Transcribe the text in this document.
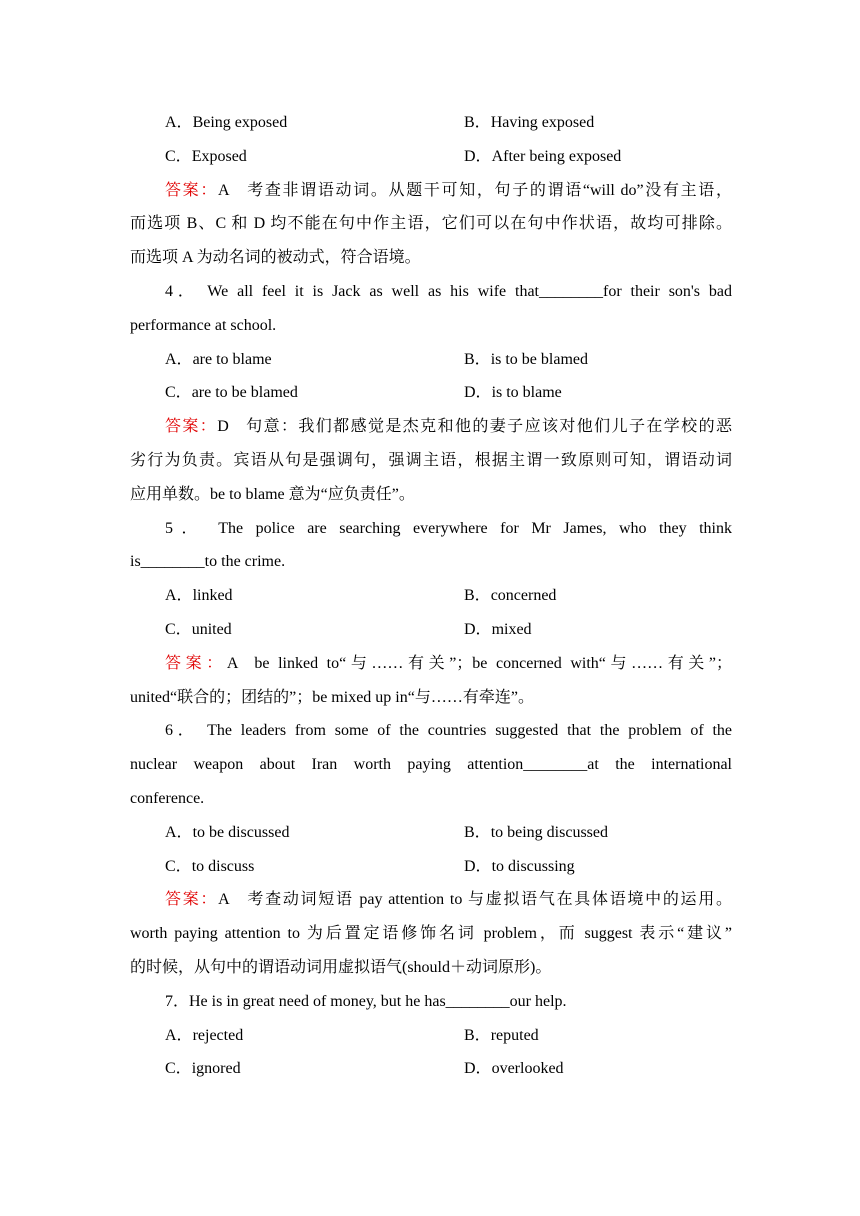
A．Being exposed	B．Having exposed
C．Exposed	D．After being exposed
答案：A 考查非谓语动词。从题干可知，句子的谓语“will do”没有主语，
而选项 B、C 和 D 均不能在句中作主语，它们可以在句中作状语，故均可排除。
而选项 A 为动名词的被动式，符合语境。
4． We all feel it is Jack as well as his wife that________for their son's bad
performance at school.
A．are to blame	B．is to be blamed
C．are to be blamed	D．is to blame
答案：D 句意：我们都感觉是杰克和他的妻子应该对他们儿子在学校的恶
劣行为负责。宾语从句是强调句，强调主语，根据主谓一致原则可知，谓语动词
应用单数。be to blame 意为“应负责任”。
5． The police are searching everywhere for Mr James, who they think
is________to the crime.
A．linked	B．concerned
C．united	D．mixed
答案：A be linked to“与……有关”；be concerned with“与……有关”；
united“联合的；团结的”；be mixed up in“与……有牵连”。
6． The leaders from some of the countries suggested that the problem of the
nuclear weapon about Iran worth paying attention________at the international
conference.
A．to be discussed	B．to being discussed
C．to discuss	D．to discussing
答案：A 考查动词短语 pay attention to 与虚拟语气在具体语境中的运用。
worth paying attention to 为后置定语修饰名词 problem，而 suggest 表示“建议”
的时候，从句中的谓语动词用虚拟语气(should＋动词原形)。
7．He is in great need of money, but he has________our help.
A．rejected	B．reputed
C．ignored	D．overlooked
